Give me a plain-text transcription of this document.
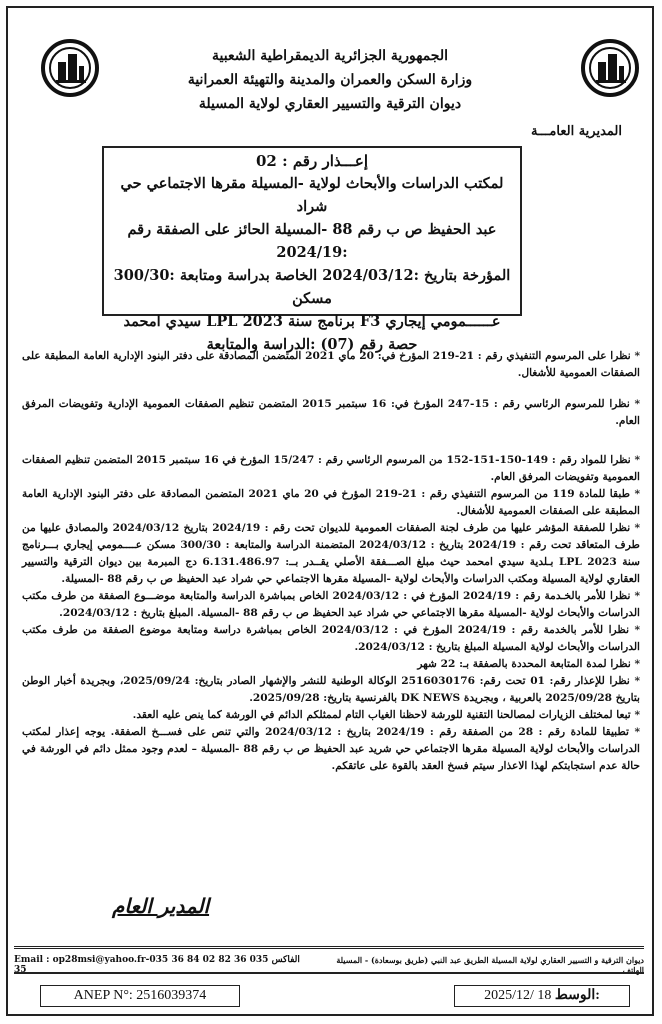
الجمهورية الجزائرية الديمقراطية الشعبية
وزارة السكن والعمران والمدينة والتهيئة العمرانية
ديوان الترقية والتسيير العقاري لولاية المسيلة
المديرية العامـــة
إعـــذار رقم : 02
لمكتب الدراسات والأبحاث لولاية -المسيلة مقرها الاجتماعي حي شراد
عبد الحفيظ ص ب رقم 88 -المسيلة الحائز على الصفقة رقم :2024/19
المؤرخة بتاريخ :2024/03/12 الخاصة بدراسة ومتابعة :300/30 مسكن
عــــــمومي إيجاري F3 برنامج سنة 2023 LPL سيدي امحمد
حصة رقم (07) :الدراسة والمتابعة
* نظرا على المرسوم التنفيذي رقم : 21-219 المؤرخ في: 20 ماي 2021 المتضمن المصادقة على دفتر البنود الإدارية العامة المطبقة على الصفقات العمومية للأشغال.
* نظرا للمرسوم الرئاسي رقم : 15-247 المؤرخ في: 16 سبتمبر 2015 المتضمن تنظيم الصفقات العمومية الإدارية وتفويضات المرفق العام.
* نظرا للمواد رقم : 149-150-151-152 من المرسوم الرئاسي رقم : 15/247 المؤرخ في 16 سبتمبر 2015 المتضمن تنظيم الصفقات العمومية وتفويضات المرفق العام.
* طبقا للمادة 119 من المرسوم التنفيذي رقم : 21-219 المؤرخ في 20 ماي 2021 المتضمن المصادقة على دفتر البنود الإدارية العامة المطبقة على الصفقات العمومية للأشغال.
* نظرا للصفقة المؤشر عليها من طرف لجنة الصفقات العمومية للديوان تحت رقم : 2024/19 بتاريخ 2024/03/12 والمصادق عليها من طرف المتعاقد تحت رقم : 2024/19 بتاريخ : 2024/03/12 المتضمنة الدراسة والمتابعة : 300/30 مسكن عــــمومي إيجاري بـــرنامج سنة 2023 LPL بـلدية سيدي امحمد حيث مبلغ الصـــفقة الأصلي يقــدر بــ: 6.131.486.97 دج المبرمة بين ديوان الترقية والتسيير العقاري لولاية المسيلة ومكتب الدراسات والأبحاث لولاية -المسيلة مقرها الاجتماعي حي شراد عبد الحفيظ ص ب رقم 88 -المسيلة.
* نظرا للأمر بالخـدمة رقم : 2024/19 المؤرخ في : 2024/03/12 الخاص بمباشرة الدراسة والمتابعة موضـــوع الصفقة من طرف مكتب الدراسات والأبحاث لولاية -المسيلة مقرها الاجتماعي حي شراد عبد الحفيظ ص ب رقم 88 -المسيلة. المبلغ بتاريخ : 2024/03/12.
* نظرا للأمر بالخدمة رقم : 2024/19 المؤرخ في : 2024/03/12 الخاص بمباشرة دراسة ومتابعة موضوع الصفقة من طرف مكتب الدراسات والأبحاث لولاية المسيلة المبلغ بتاريخ : 2024/03/12.
* نظرا لمدة المتابعة المحددة بالصفقة بـ: 22 شهر
* نظرا للإعذار رقم: 01 تحت رقم: 2516030176 الوكالة الوطنية للنشر والإشهار الصادر بتاريخ: 2025/09/24، وبجريدة أخبار الوطن بتاريخ 2025/09/28 بالعربية ، وبجريدة DK NEWS بالفرنسية بتاريخ: 2025/09/28.
* تبعا لمختلف الزيارات لمصالحنا التقنية للورشة لاحظنا الغياب التام لممثلكم الدائم في الورشة كما ينص عليه العقد.
* تطبيقا للمادة رقم : 28 من الصفقة رقم : 2024/19 بتاريخ : 2024/03/12 والتي تنص على فســـخ الصفقة. يوجه إعذار لمكتب الدراسات والأبحاث لولاية المسيلة مقرها الاجتماعي حي شريد عبد الحفيظ ص ب رقم 88 -المسيلة – لعدم وجود ممثل دائم في الورشة في حالة عدم استجابتكم لهذا الاعذار سيتم فسخ العقد بالقوة على عاتقكم.
المدير العام
Email : op28msi@yahoo.fr-035 36 84 02 الفاكس 035 36 82 35
ديوان الترقية و التسيير العقاري لولاية المسيلة الطريق عبد النبي (طريق بوسعادة) - المسيلة الهاتف
ANEP N°: 2516039374	2025/12/ 18 الوسط:
